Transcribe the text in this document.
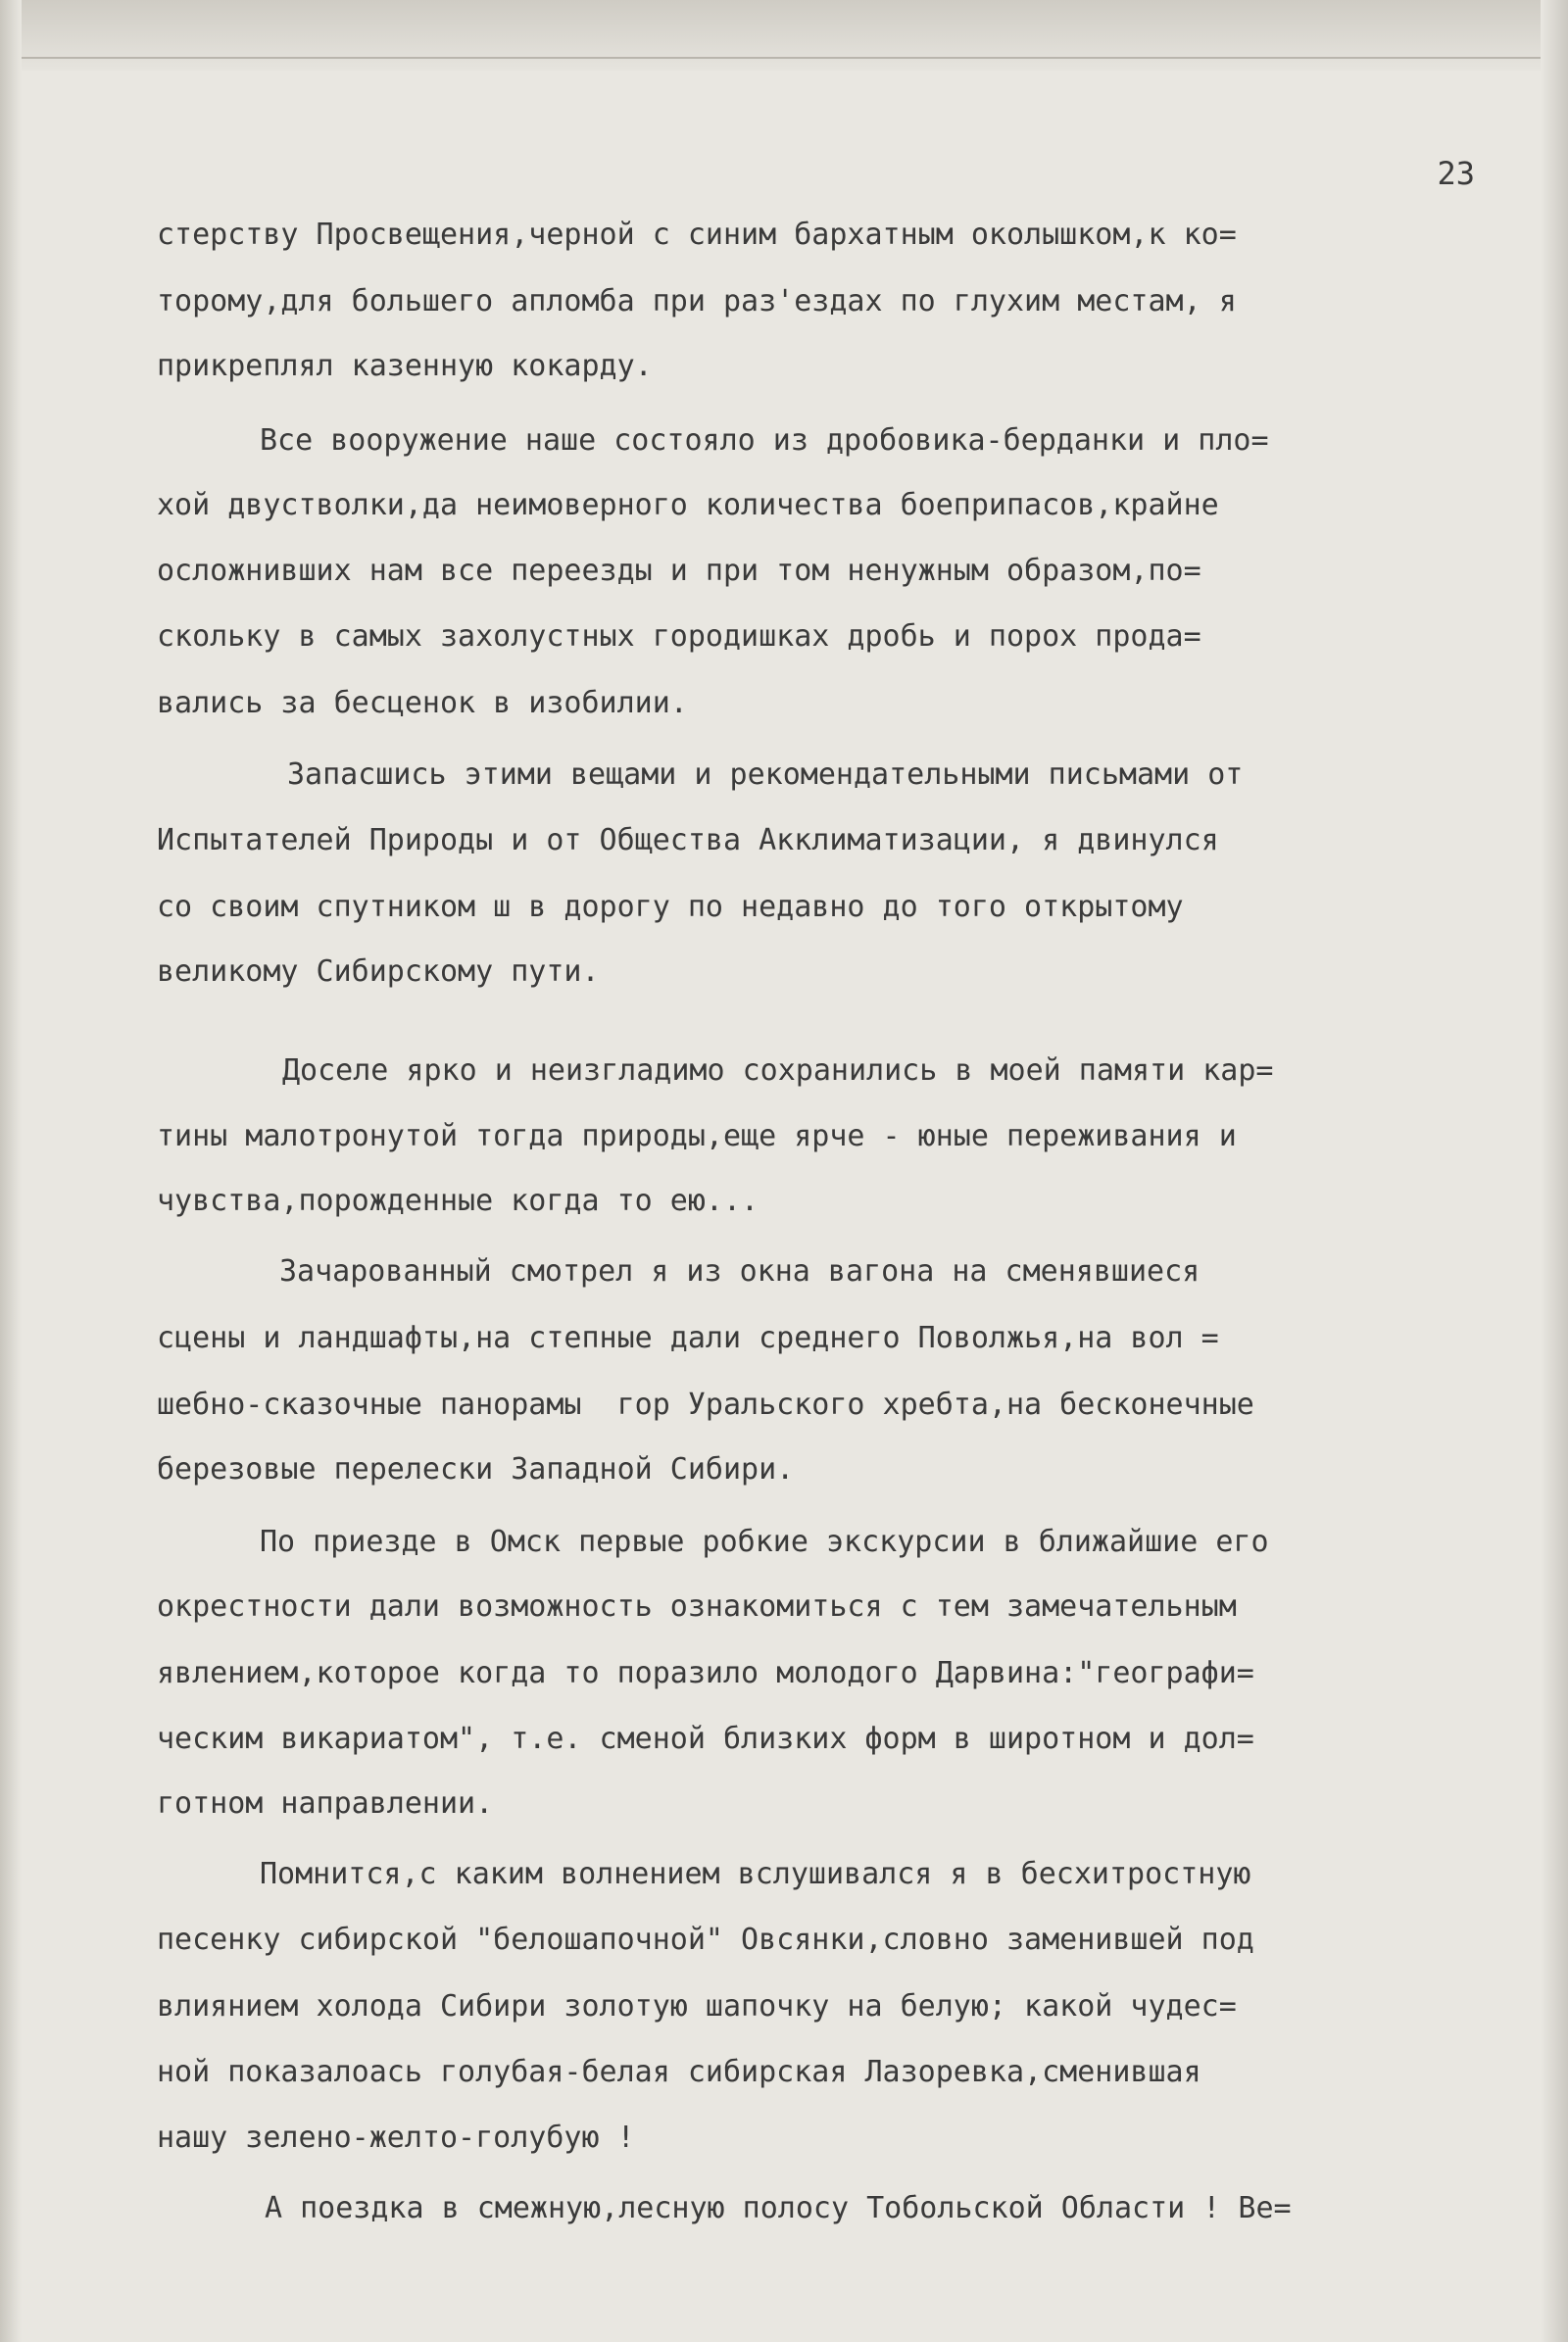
23
стерству Просвещения,черной с синим бархатным околышком,к ко=
торому,для большего апломба при раз'ездах по глухим местам, я
прикреплял казенную кокарду.
Все вооружение наше состояло из дробовика-берданки и пло=
хой двустволки,да неимоверного количества боеприпасов,крайне
осложнивших нам все переезды и при том ненужным образом,по=
скольку в самых захолустных городишках дробь и порох прода=
вались за бесценок в изобилии.
Запасшись этими вещами и рекомендательными письмами от
Испытателей Природы и от Общества Акклиматизации, я двинулся
со своим спутником ш в дорогу по недавно до того открытому
великому Сибирскому пути.
Доселе ярко и неизгладимо сохранились в моей памяти кар=
тины малотронутой тогда природы,еще ярче - юные переживания и
чувства,порожденные когда то ею...
Зачарованный смотрел я из окна вагона на сменявшиеся
сцены и ландшафты,на степные дали среднего Поволжья,на вол =
шебно-сказочные панорамы  гор Уральского хребта,на бесконечные
березовые перелески Западной Сибири.
По приезде в Омск первые робкие экскурсии в ближайшие его
окрестности дали возможность ознакомиться с тем замечательным
явлением,которое когда то поразило молодого Дарвина:"географи=
ческим викариатом", т.е. сменой близких форм в широтном и дол=
готном направлении.
Помнится,с каким волнением вслушивался я в бесхитростную
песенку сибирской "белошапочной" Овсянки,словно заменившей под
влиянием холода Сибири золотую шапочку на белую; какой чудес=
ной показалоась голубая-белая сибирская Лазоревка,сменившая
нашу зелено-желто-голубую !
А поездка в смежную,лесную полосу Тобольской Области ! Ве=
